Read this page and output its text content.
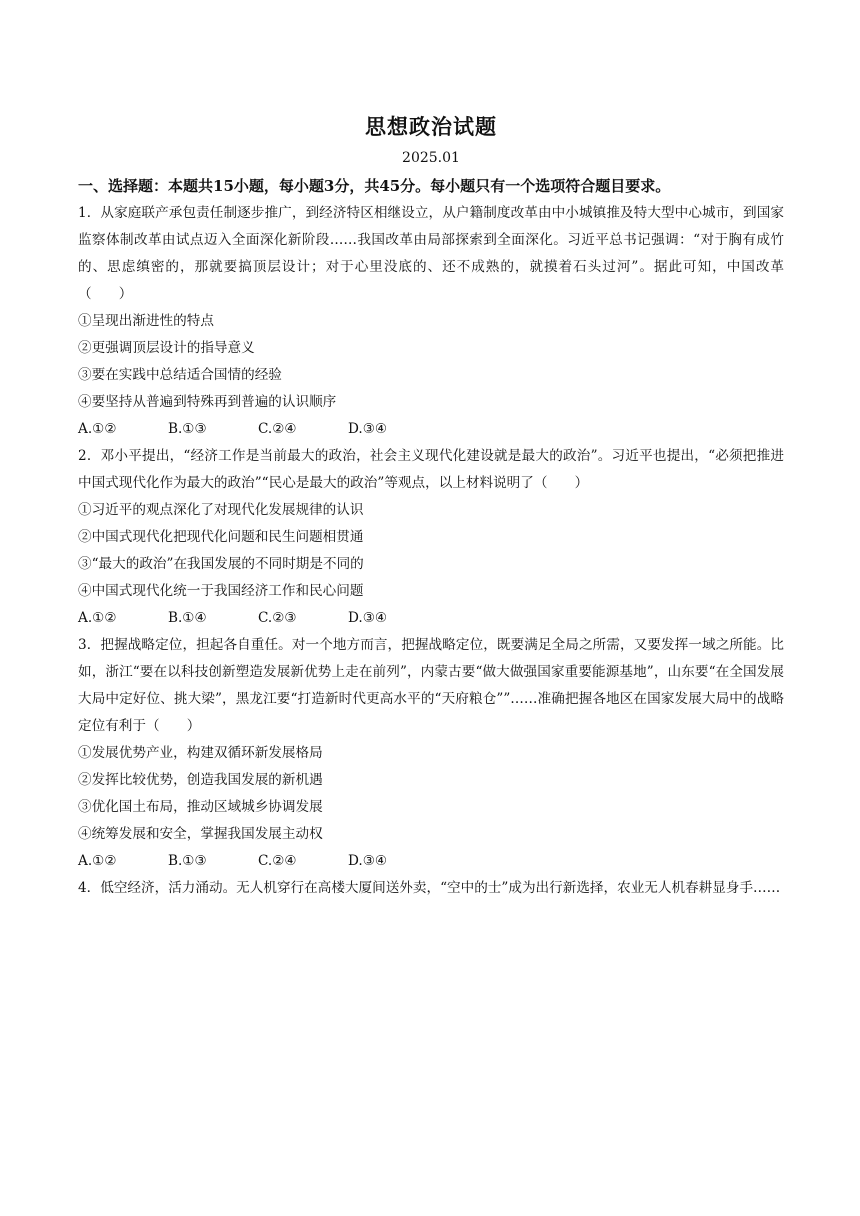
思想政治试题
2025.01
一、选择题：本题共15小题，每小题3分，共45分。每小题只有一个选项符合题目要求。
1．从家庭联产承包责任制逐步推广，到经济特区相继设立，从户籍制度改革由中小城镇推及特大型中心城市，到国家监察体制改革由试点迈入全面深化新阶段……我国改革由局部探索到全面深化。习近平总书记强调：“对于胸有成竹的、思虑缜密的，那就要搞顶层设计；对于心里没底的、还不成熟的，就摸着石头过河”。据此可知，中国改革（　　）
①呈现出渐进性的特点
②更强调顶层设计的指导意义
③要在实践中总结适合国情的经验
④要坚持从普遍到特殊再到普遍的认识顺序
A.①②	B.①③	C.②④	D.③④
2．邓小平提出，“经济工作是当前最大的政治，社会主义现代化建设就是最大的政治”。习近平也提出，“必须把推进中国式现代化作为最大的政治”“民心是最大的政治”等观点，以上材料说明了（　　）
①习近平的观点深化了对现代化发展规律的认识
②中国式现代化把现代化问题和民生问题相贯通
③“最大的政治”在我国发展的不同时期是不同的
④中国式现代化统一于我国经济工作和民心问题
A.①②	B.①④	C.②③	D.③④
3．把握战略定位，担起各自重任。对一个地方而言，把握战略定位，既要满足全局之所需，又要发挥一域之所能。比如，浙江“要在以科技创新塑造发展新优势上走在前列”，内蒙古要“做大做强国家重要能源基地”，山东要“在全国发展大局中定好位、挑大梁”，黑龙江要“打造新时代更高水平的“天府粮仓””……准确把握各地区在国家发展大局中的战略定位有利于（　　）
①发展优势产业，构建双循环新发展格局
②发挥比较优势，创造我国发展的新机遇
③优化国土布局，推动区域城乡协调发展
④统筹发展和安全，掌握我国发展主动权
A.①②	B.①③	C.②④	D.③④
4．低空经济，活力涌动。无人机穿行在高楼大厦间送外卖，“空中的士”成为出行新选择，农业无人机春耕显身手……
